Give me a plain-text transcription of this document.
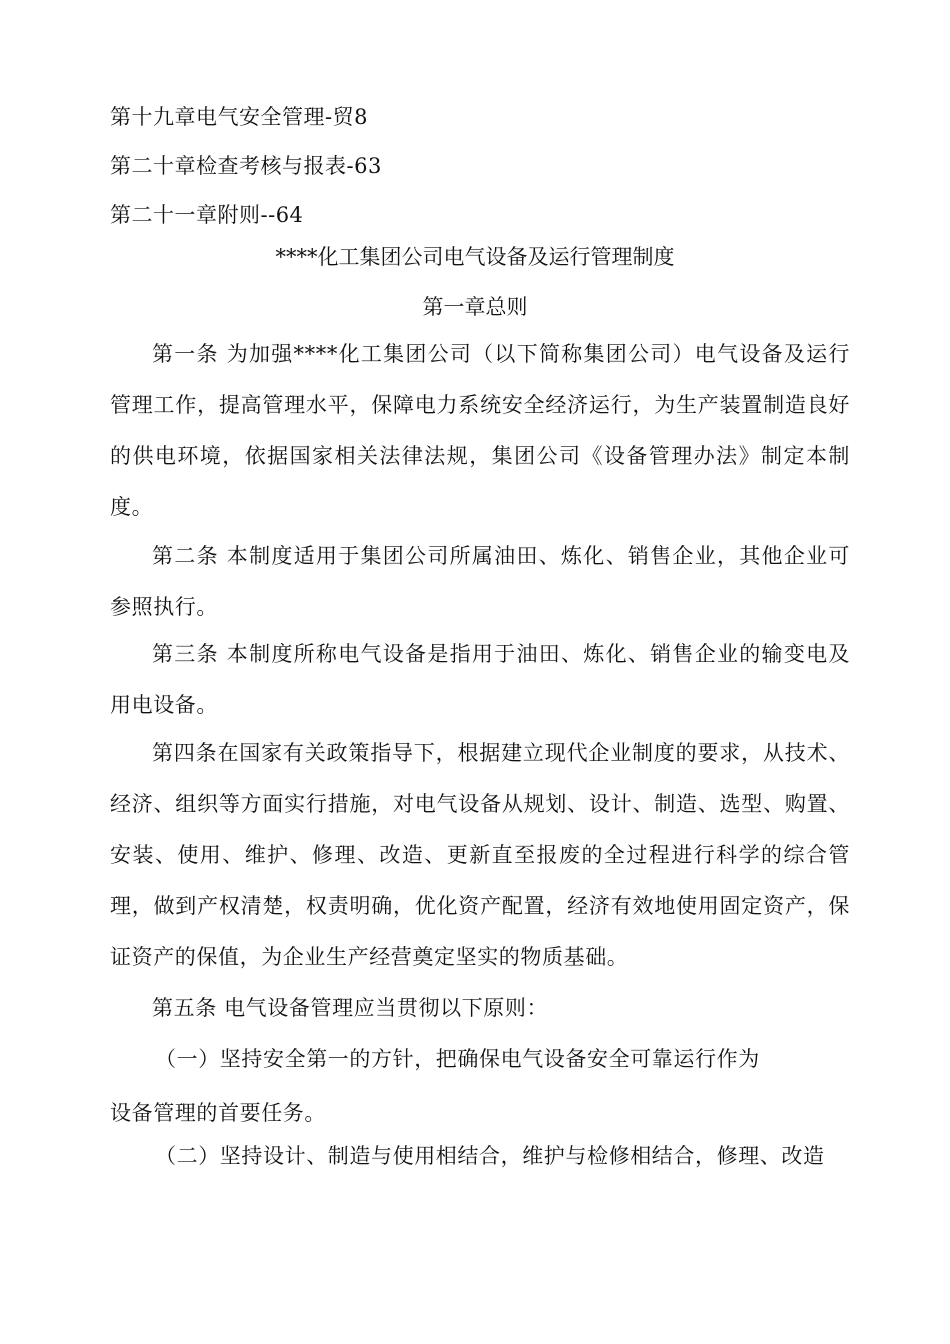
第十九章电气安全管理-贸8
第二十章检查考核与报表-63
第二十一章附则--64
****化工集团公司电气设备及运行管理制度
第一章总则
第一条 为加强****化工集团公司（以下简称集团公司）电气设备及运行管理工作，提高管理水平，保障电力系统安全经济运行，为生产装置制造良好的供电环境，依据国家相关法律法规，集团公司《设备管理办法》制定本制度。
第二条 本制度适用于集团公司所属油田、炼化、销售企业，其他企业可参照执行。
第三条 本制度所称电气设备是指用于油田、炼化、销售企业的输变电及用电设备。
第四条在国家有关政策指导下，根据建立现代企业制度的要求，从技术、经济、组织等方面实行措施，对电气设备从规划、设计、制造、选型、购置、安装、使用、维护、修理、改造、更新直至报废的全过程进行科学的综合管理，做到产权清楚，权责明确，优化资产配置，经济有效地使用固定资产，保证资产的保值，为企业生产经营奠定坚实的物质基础。
第五条 电气设备管理应当贯彻以下原则：
（一）坚持安全第一的方针，把确保电气设备安全可靠运行作为
设备管理的首要任务。
（二）坚持设计、制造与使用相结合，维护与检修相结合，修理、改造
